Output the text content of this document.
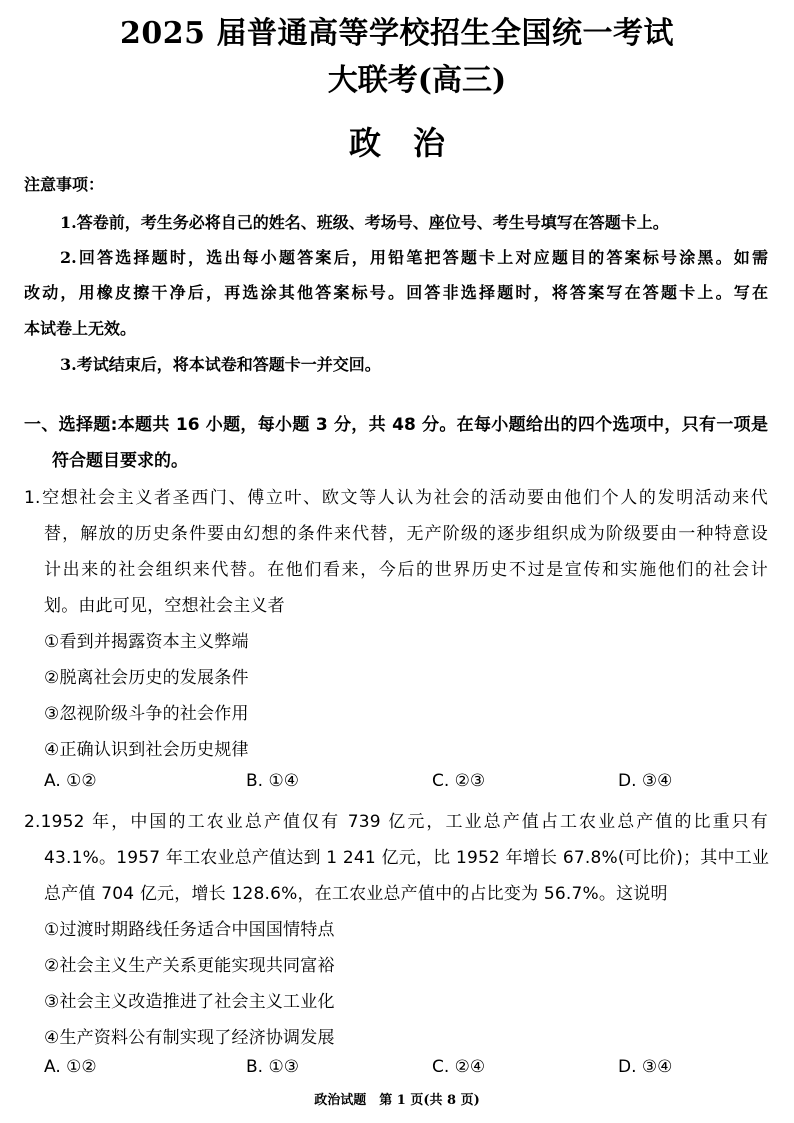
2025 届普通高等学校招生全国统一考试
大联考(高三)
政　治
注意事项：
1.答卷前，考生务必将自己的姓名、班级、考场号、座位号、考生号填写在答题卡上。
2.回答选择题时，选出每小题答案后，用铅笔把答题卡上对应题目的答案标号涂黑。如需
改动，用橡皮擦干净后，再选涂其他答案标号。回答非选择题时，将答案写在答题卡上。写在
本试卷上无效。
3.考试结束后，将本试卷和答题卡一并交回。
一、选择题:本题共 16 小题，每小题 3 分，共 48 分。在每小题给出的四个选项中，只有一项是
符合题目要求的。
1.空想社会主义者圣西门、傅立叶、欧文等人认为社会的活动要由他们个人的发明活动来代
替，解放的历史条件要由幻想的条件来代替，无产阶级的逐步组织成为阶级要由一种特意设
计出来的社会组织来代替。在他们看来，今后的世界历史不过是宣传和实施他们的社会计
划。由此可见，空想社会主义者
①看到并揭露资本主义弊端
②脱离社会历史的发展条件
③忽视阶级斗争的社会作用
④正确认识到社会历史规律
A. ①②	B. ①④	C. ②③	D. ③④
2.1952 年，中国的工农业总产值仅有 739 亿元，工业总产值占工农业总产值的比重只有
43.1%。1957 年工农业总产值达到 1 241 亿元，比 1952 年增长 67.8%(可比价)；其中工业
总产值 704 亿元，增长 128.6%，在工农业总产值中的占比变为 56.7%。这说明
①过渡时期路线任务适合中国国情特点
②社会主义生产关系更能实现共同富裕
③社会主义改造推进了社会主义工业化
④生产资料公有制实现了经济协调发展
A. ①②	B. ①③	C. ②④	D. ③④
政治试题　第 1 页(共 8 页)
